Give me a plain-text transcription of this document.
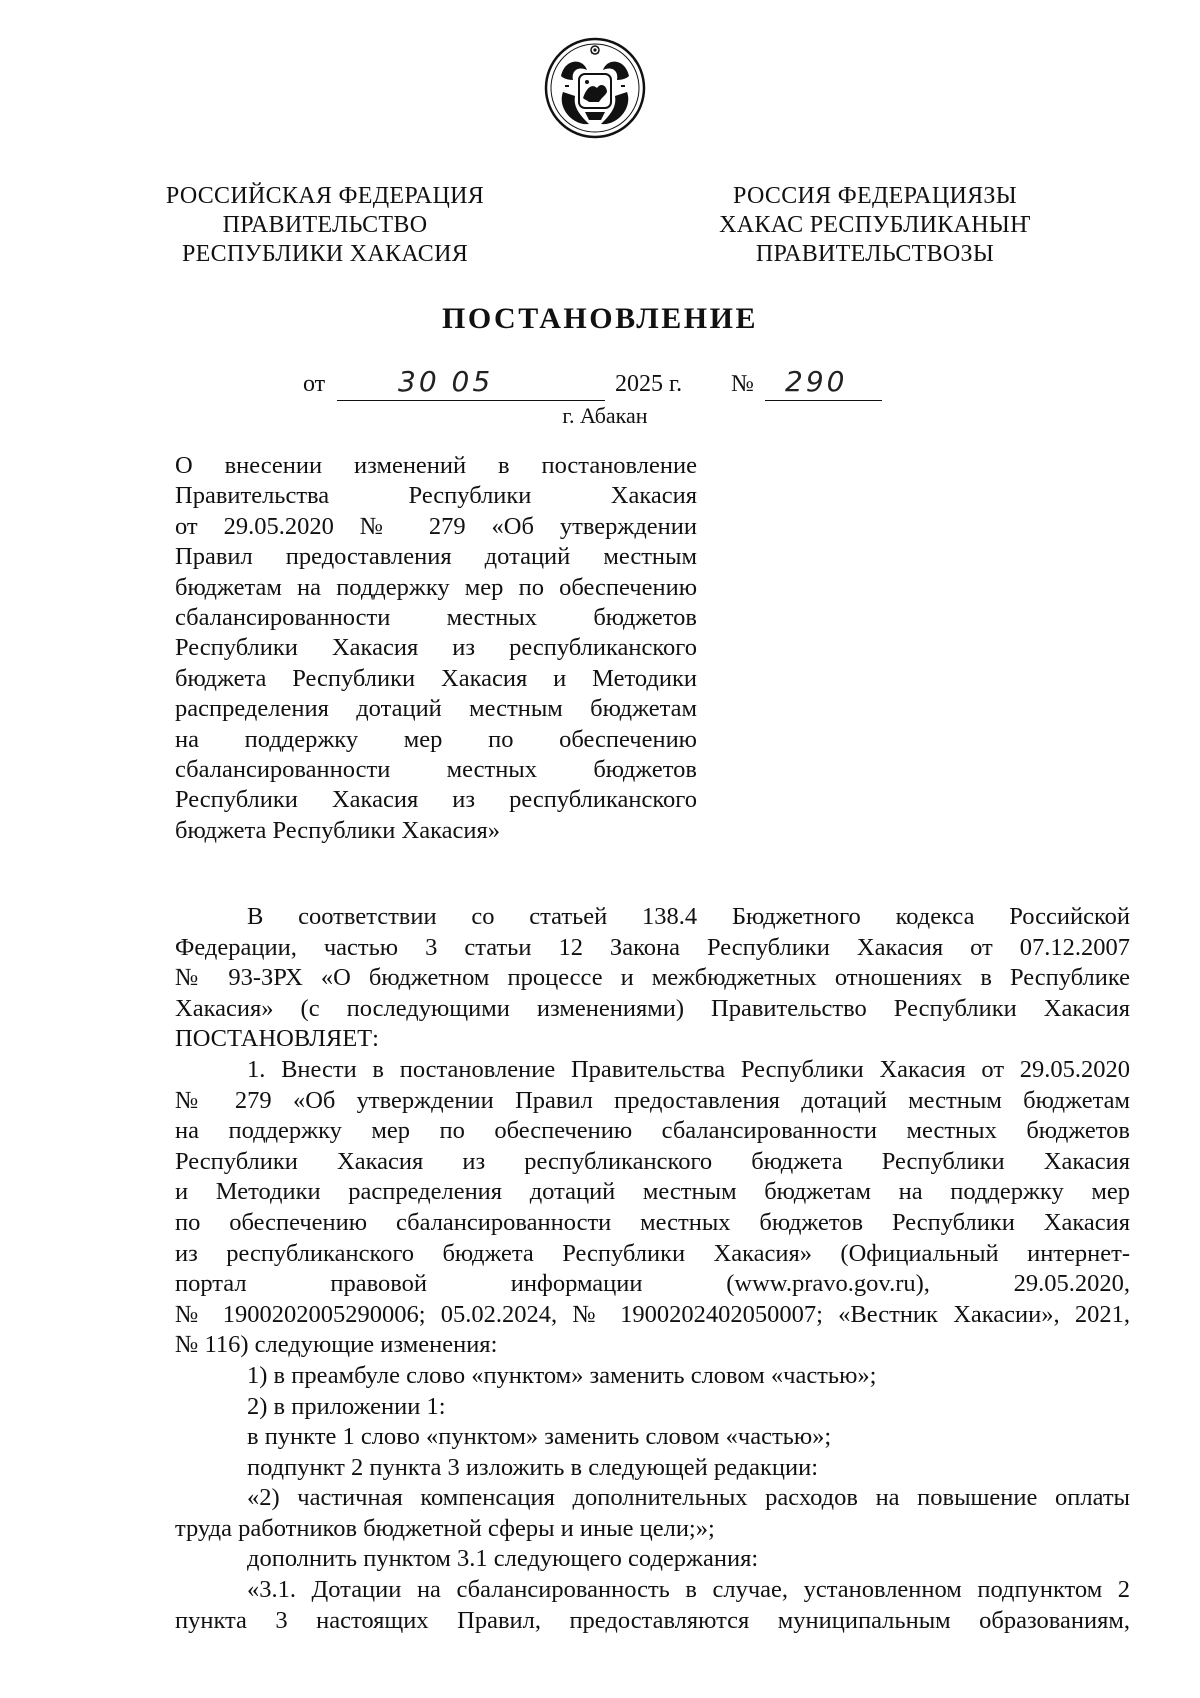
РОССИЙСКАЯ ФЕДЕРАЦИЯ
ПРАВИТЕЛЬСТВО
РЕСПУБЛИКИ ХАКАСИЯ
РОССИЯ ФЕДЕРАЦИЯЗЫ
ХАКАС РЕСПУБЛИКАНЫҤ
ПРАВИТЕЛЬСТВОЗЫ
ПОСТАНОВЛЕНИЕ
от	30 05	2025 г. № 290
г. Абакан
О внесении изменений в постановление
Правительства Республики Хакасия
от 29.05.2020 № 279 «Об утверждении
Правил предоставления дотаций местным
бюджетам на поддержку мер по обеспечению
сбалансированности местных бюджетов
Республики Хакасия из республиканского
бюджета Республики Хакасия и Методики
распределения дотаций местным бюджетам
на поддержку мер по обеспечению
сбалансированности местных бюджетов
Республики Хакасия из республиканского
бюджета Республики Хакасия»
В соответствии со статьей 138.4 Бюджетного кодекса Российской
Федерации, частью 3 статьи 12 Закона Республики Хакасия от 07.12.2007
№ 93-ЗРХ «О бюджетном процессе и межбюджетных отношениях в Республике
Хакасия» (с последующими изменениями) Правительство Республики Хакасия
ПОСТАНОВЛЯЕТ:
1. Внести в постановление Правительства Республики Хакасия от 29.05.2020
№ 279 «Об утверждении Правил предоставления дотаций местным бюджетам
на поддержку мер по обеспечению сбалансированности местных бюджетов
Республики Хакасия из республиканского бюджета Республики Хакасия
и Методики распределения дотаций местным бюджетам на поддержку мер
по обеспечению сбалансированности местных бюджетов Республики Хакасия
из республиканского бюджета Республики Хакасия» (Официальный интернет-
портал правовой информации (www.pravo.gov.ru), 29.05.2020,
№ 1900202005290006; 05.02.2024, № 1900202402050007; «Вестник Хакасии», 2021,
№ 116) следующие изменения:
1) в преамбуле слово «пунктом» заменить словом «частью»;
2) в приложении 1:
в пункте 1 слово «пунктом» заменить словом «частью»;
подпункт 2 пункта 3 изложить в следующей редакции:
«2) частичная компенсация дополнительных расходов на повышение оплаты
труда работников бюджетной сферы и иные цели;»;
дополнить пунктом 3.1 следующего содержания:
«3.1. Дотации на сбалансированность в случае, установленном подпунктом 2
пункта 3 настоящих Правил, предоставляются муниципальным образованиям,
